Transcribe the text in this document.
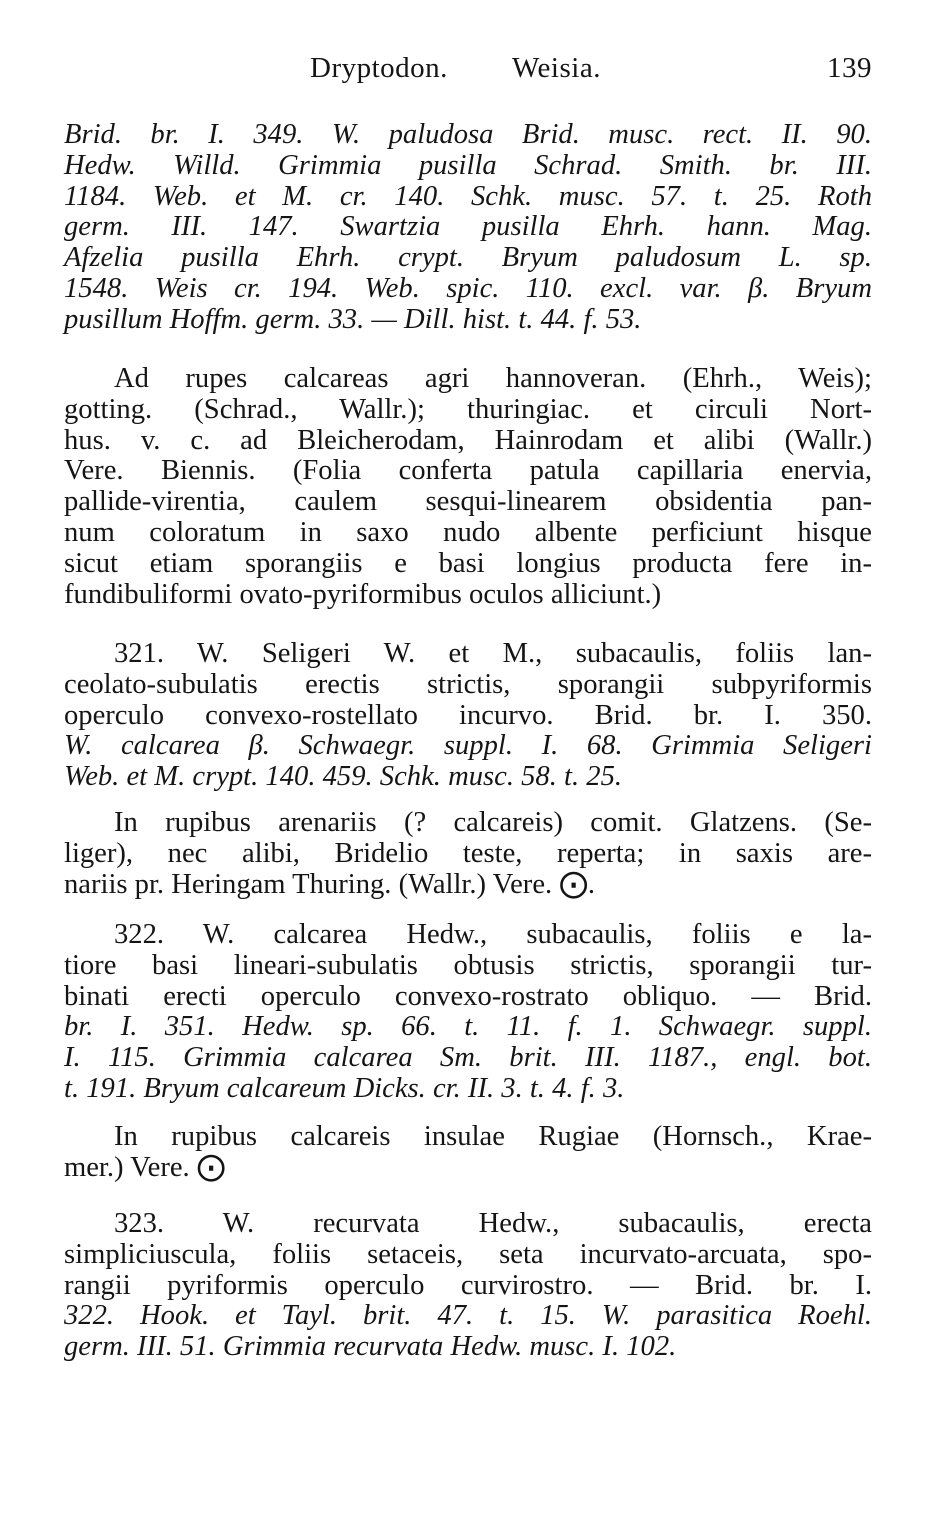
Dryptodon. Weisia.	139
Brid. br. I. 349. W. paludosa Brid. musc. rect. II. 90.
Hedw. Willd. Grimmia pusilla Schrad. Smith. br. III.
1184. Web. et M. cr. 140. Schk. musc. 57. t. 25. Roth
germ. III. 147. Swartzia pusilla Ehrh. hann. Mag.
Afzelia pusilla Ehrh. crypt. Bryum paludosum L. sp.
1548. Weis cr. 194. Web. spic. 110. excl. var. β. Bryum
pusillum Hoffm. germ. 33. — Dill. hist. t. 44. f. 53.
Ad rupes calcareas agri hannoveran. (Ehrh., Weis);
gotting. (Schrad., Wallr.); thuringiac. et circuli Nort-
hus. v. c. ad Bleicherodam, Hainrodam et alibi (Wallr.)
Vere. Biennis. (Folia conferta patula capillaria enervia,
pallide-virentia, caulem sesqui-linearem obsidentia pan-
num coloratum in saxo nudo albente perficiunt hisque
sicut etiam sporangiis e basi longius producta fere in-
fundibuliformi ovato-pyriformibus oculos alliciunt.)
321. W. Seligeri W. et M., subacaulis, foliis lan-
ceolato-subulatis erectis strictis, sporangii subpyriformis
operculo convexo-rostellato incurvo. Brid. br. I. 350.
W. calcarea β. Schwaegr. suppl. I. 68. Grimmia Seligeri
Web. et M. crypt. 140. 459. Schk. musc. 58. t. 25.
In rupibus arenariis (? calcareis) comit. Glatzens. (Se-
liger), nec alibi, Bridelio teste, reperta; in saxis are-
nariis pr. Heringam Thuring. (Wallr.) Vere. ⨀.
322. W. calcarea Hedw., subacaulis, foliis e la-
tiore basi lineari-subulatis obtusis strictis, sporangii tur-
binati erecti operculo convexo-rostrato obliquo. — Brid.
br. I. 351. Hedw. sp. 66. t. 11. f. 1. Schwaegr. suppl.
I. 115. Grimmia calcarea Sm. brit. III. 1187., engl. bot.
t. 191. Bryum calcareum Dicks. cr. II. 3. t. 4. f. 3.
In rupibus calcareis insulae Rugiae (Hornsch., Krae-
mer.) Vere. ⨀
323. W. recurvata Hedw., subacaulis, erecta
simpliciuscula, foliis setaceis, seta incurvato-arcuata, spo-
rangii pyriformis operculo curvirostro. — Brid. br. I.
322. Hook. et Tayl. brit. 47. t. 15. W. parasitica Roehl.
germ. III. 51. Grimmia recurvata Hedw. musc. I. 102.
